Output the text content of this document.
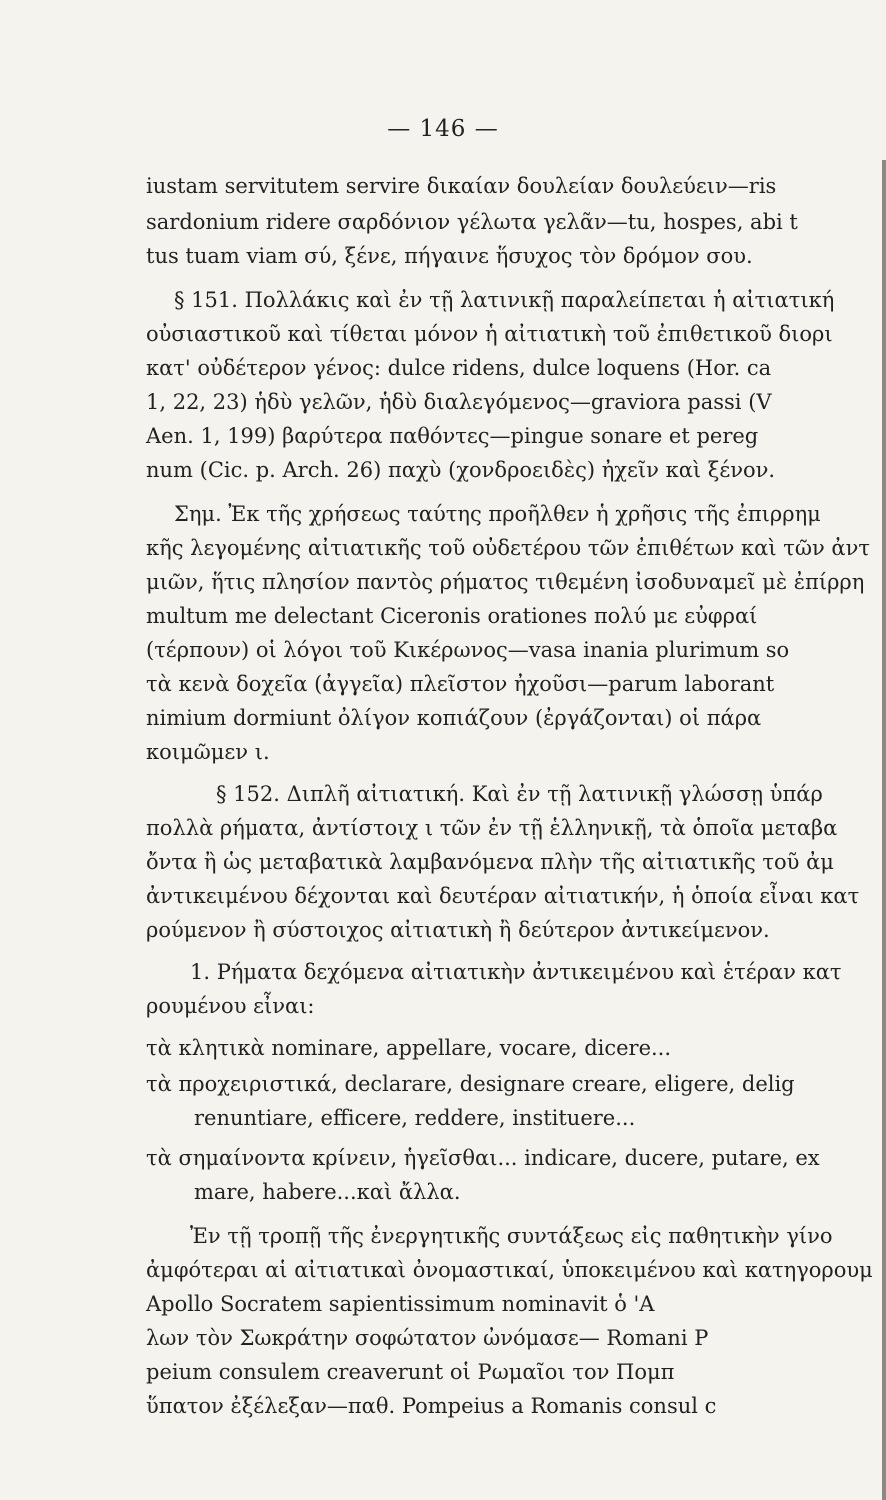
— 146 —
iustam servitutem servire δικαίαν δουλείαν δουλεύειν—ris
sardonium ridere σαρδόνιον γέλωτα γελᾶν—tu, hospes, abi t
tus tuam viam σύ, ξένε, πήγαινε ἥσυχος τὸν δρόμον σου.
§ 151. Πολλάκις καὶ ἐν τῇ λατινικῇ παραλείπεται ἡ αἰτιατική
οὐσιαστικοῦ καὶ τίθεται μόνον ἡ αἰτιατικὴ τοῦ ἐπιθετικοῦ διορι
κατ' οὐδέτερον γένος: dulce ridens, dulce loquens (Hor. ca
1, 22, 23) ἡδὺ γελῶν, ἡδὺ διαλεγόμενος—graviora passi (V
Aen. 1, 199) βαρύτερα παθόντες—pingue sonare et pereg
num (Cic. p. Arch. 26) παχὺ (χονδροειδὲς) ἠχεῖν καὶ ξένον.
Σημ. Ἐκ τῆς χρήσεως ταύτης προῆλθεν ἡ χρῆσις τῆς ἐπιρρημ
κῆς λεγομένης αἰτιατικῆς τοῦ οὐδετέρου τῶν ἐπιθέτων καὶ τῶν ἀντ
μιῶν, ἥτις πλησίον παντὸς ρήματος τιθεμένη ἰσοδυναμεῖ μὲ ἐπίρρη
multum me delectant Ciceronis orationes πολύ με εὐφραί
(τέρπουν) οἱ λόγοι τοῦ Κικέρωνος—vasa inania plurimum so
τὰ κενὰ δοχεῖα (ἀγγεῖα) πλεῖστον ἠχοῦσι—parum laborant
nimium dormiunt ὀλίγον κοπιάζουν (ἐργάζονται) οἱ πάρα
κοιμῶμεν ι.
§ 152. Διπλῆ αἰτιατική. Καὶ ἐν τῇ λατινικῇ γλώσσῃ ὑπάρ
πολλὰ ρήματα, ἀντίστοιχ ι τῶν ἐν τῇ ἑλληνικῇ, τὰ ὁποῖα μεταβα
ὄντα ἢ ὡς μεταβατικὰ λαμβανόμενα πλὴν τῆς αἰτιατικῆς τοῦ ἀμ
ἀντικειμένου δέχονται καὶ δευτέραν αἰτιατικήν, ἡ ὁποία εἶναι κατ
ρούμενον ἢ σύστοιχος αἰτιατικὴ ἢ δεύτερον ἀντικείμενον.
1. Ρήματα δεχόμενα αἰτιατικὴν ἀντικειμένου καὶ ἑτέραν κατ
ρουμένου εἶναι:
τὰ κλητικὰ nominare, appellare, vocare, dicere...
τὰ προχειριστικά, declarare, designare creare, eligere, delig
renuntiare, efficere, reddere, instituere...
τὰ σημαίνοντα κρίνειν, ἡγεῖσθαι... indicare, ducere, putare, ex
mare, habere...καὶ ἄλλα.
Ἐν τῇ τροπῇ τῆς ἐνεργητικῆς συντάξεως εἰς παθητικὴν γίνο
ἀμφότεραι αἱ αἰτιατικαὶ ὀνομαστικαί, ὑποκειμένου καὶ κατηγορουμ
Apollo Socratem sapientissimum nominavit ὁ 'Α
λων τὸν Σωκράτην σοφώτατον ὠνόμασε— Romani P
peium consulem creaverunt οἱ Ρωμαῖοι τον Πομπ
ὕπατον ἐξέλεξαν—παθ. Pompeius a Romanis consul c
